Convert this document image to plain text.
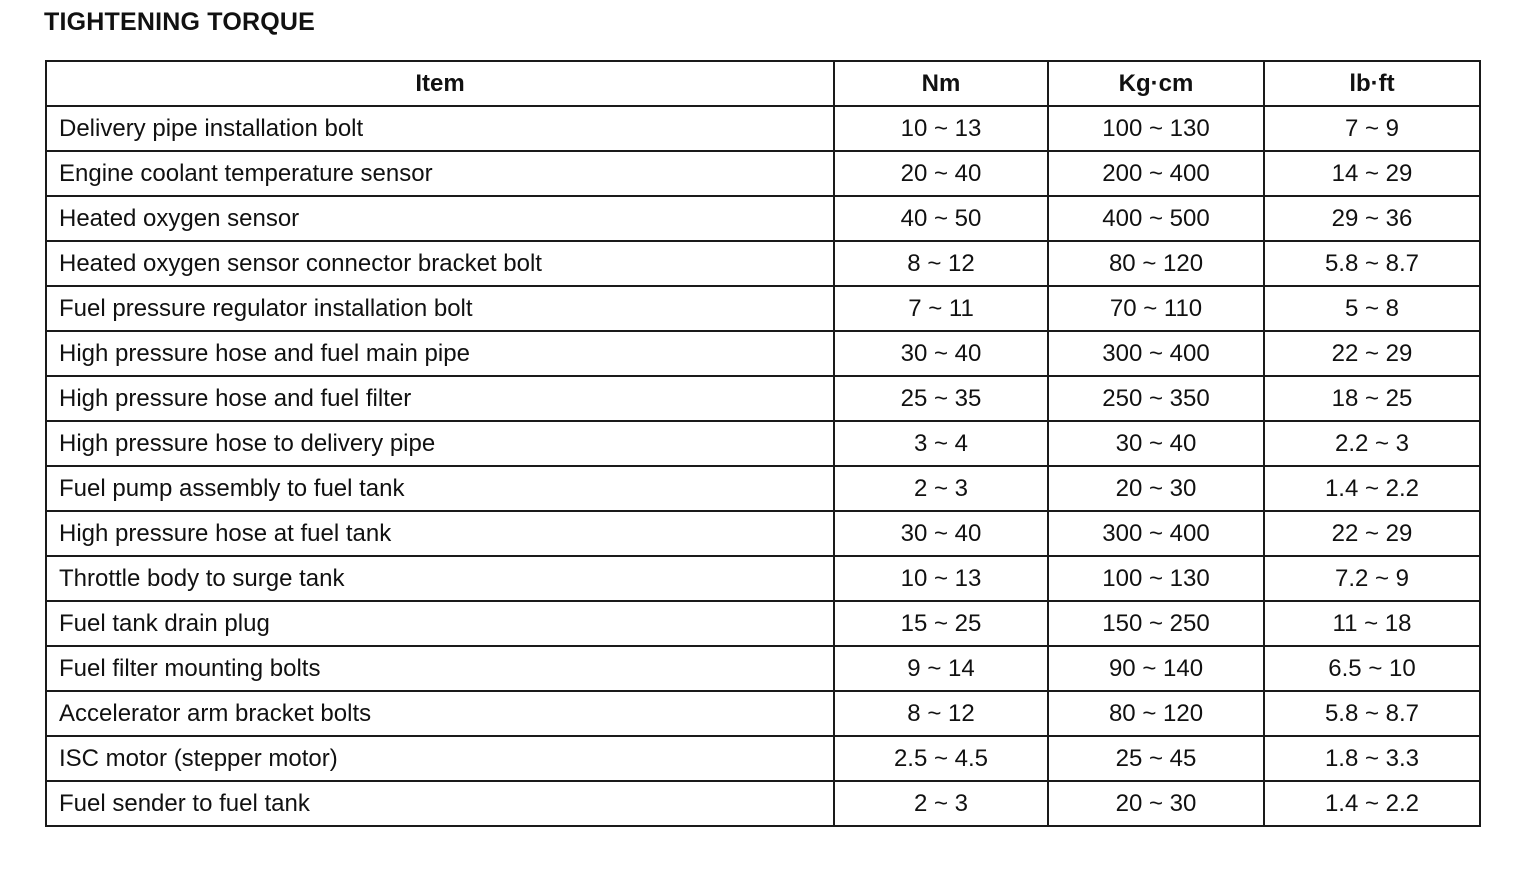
TIGHTENING TORQUE
Item	Nm	Kg·cm	lb·ft
Delivery pipe installation bolt	10 ~ 13	100 ~ 130	7 ~ 9
Engine coolant temperature sensor	20 ~ 40	200 ~ 400	14 ~ 29
Heated oxygen sensor	40 ~ 50	400 ~ 500	29 ~ 36
Heated oxygen sensor connector bracket bolt	8 ~ 12	80 ~ 120	5.8 ~ 8.7
Fuel pressure regulator installation bolt	7 ~ 11	70 ~ 110	5 ~ 8
High pressure hose and fuel main pipe	30 ~ 40	300 ~ 400	22 ~ 29
High pressure hose and fuel filter	25 ~ 35	250 ~ 350	18 ~ 25
High pressure hose to delivery pipe	3 ~ 4	30 ~ 40	2.2 ~ 3
Fuel pump assembly to fuel tank	2 ~ 3	20 ~ 30	1.4 ~ 2.2
High pressure hose at fuel tank	30 ~ 40	300 ~ 400	22 ~ 29
Throttle body to surge tank	10 ~ 13	100 ~ 130	7.2 ~ 9
Fuel tank drain plug	15 ~ 25	150 ~ 250	11 ~ 18
Fuel filter mounting bolts	9 ~ 14	90 ~ 140	6.5 ~ 10
Accelerator arm bracket bolts	8 ~ 12	80 ~ 120	5.8 ~ 8.7
ISC motor (stepper motor)	2.5 ~ 4.5	25 ~ 45	1.8 ~ 3.3
Fuel sender to fuel tank	2 ~ 3	20 ~ 30	1.4 ~ 2.2
